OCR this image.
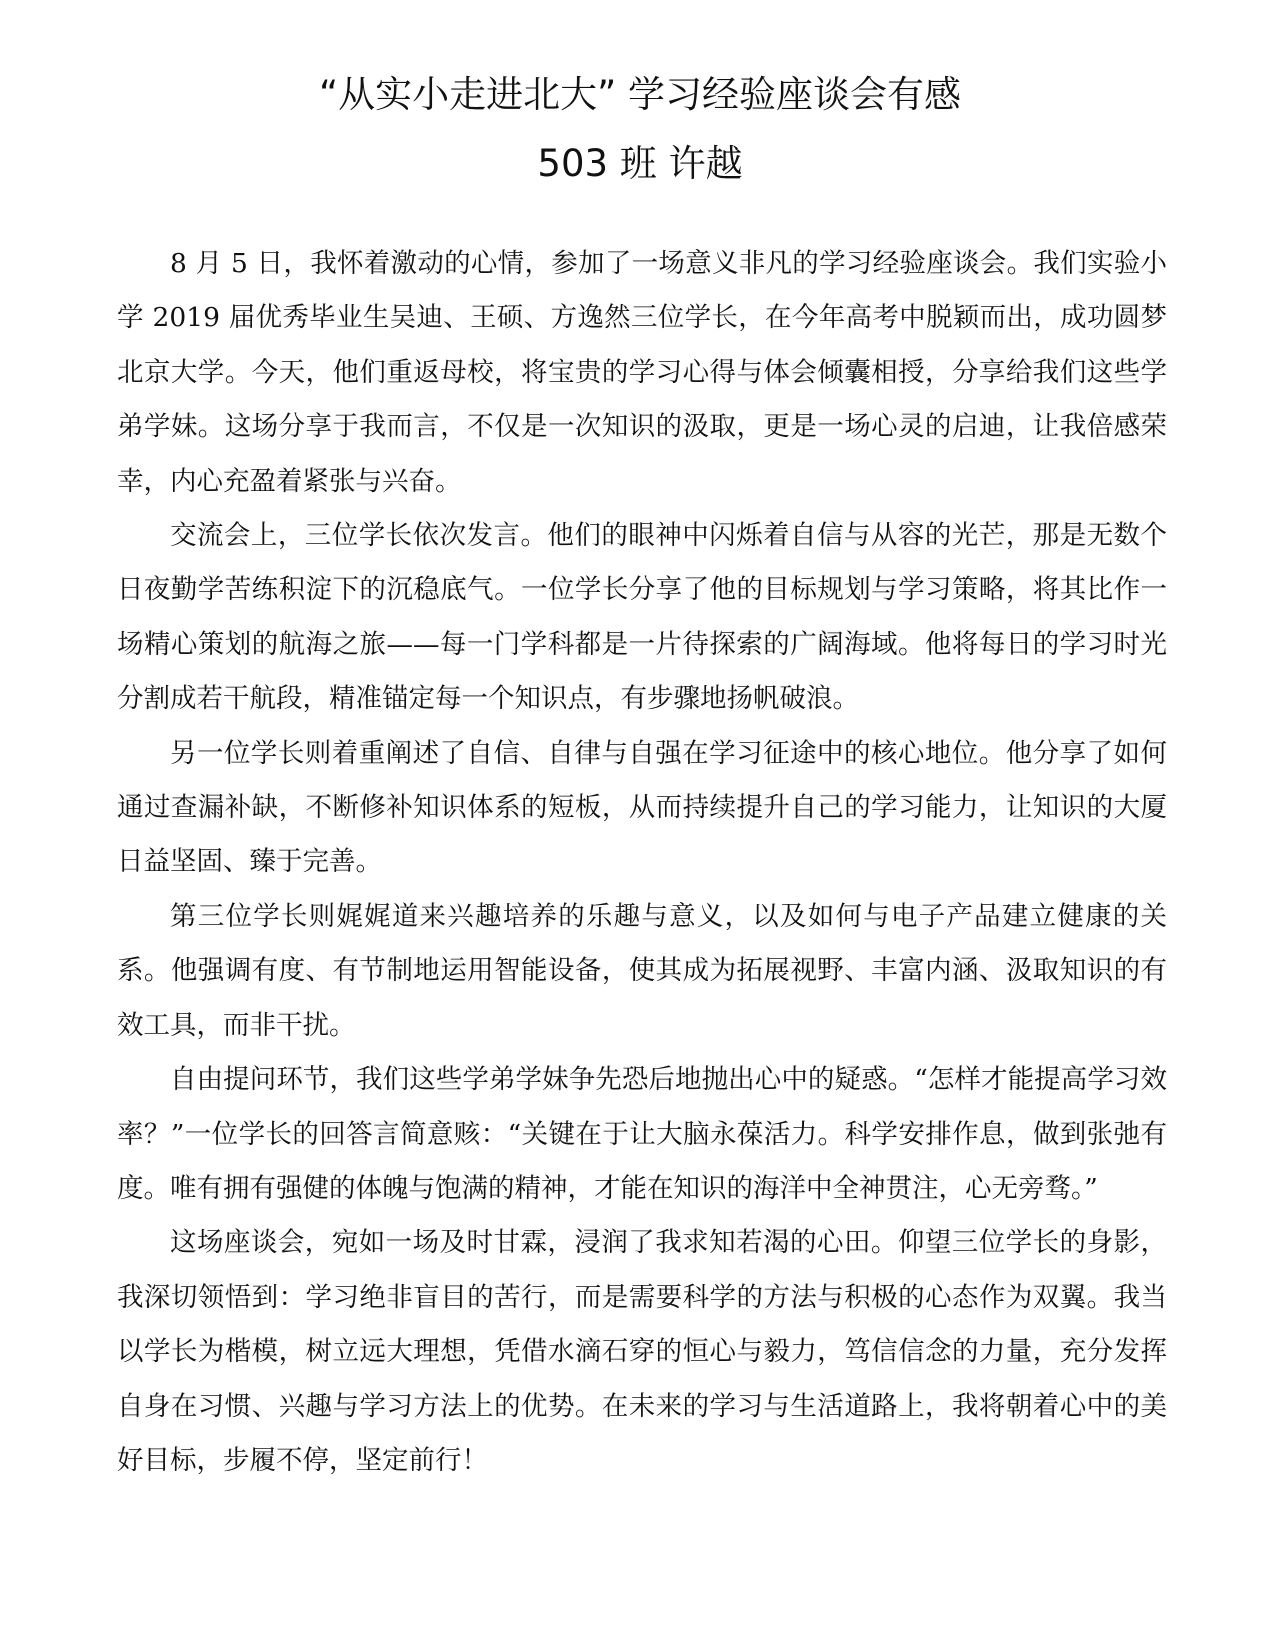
“从实小走进北大” 学习经验座谈会有感
503 班 许越

8 月 5 日，我怀着激动的心情，参加了一场意义非凡的学习经验座谈会。我们实验小学 2019 届优秀毕业生吴迪、王硕、方逸然三位学长，在今年高考中脱颖而出，成功圆梦北京大学。今天，他们重返母校，将宝贵的学习心得与体会倾囊相授，分享给我们这些学弟学妹。这场分享于我而言，不仅是一次知识的汲取，更是一场心灵的启迪，让我倍感荣幸，内心充盈着紧张与兴奋。

交流会上，三位学长依次发言。他们的眼神中闪烁着自信与从容的光芒，那是无数个日夜勤学苦练积淀下的沉稳底气。一位学长分享了他的目标规划与学习策略，将其比作一场精心策划的航海之旅——每一门学科都是一片待探索的广阔海域。他将每日的学习时光分割成若干航段，精准锚定每一个知识点，有步骤地扬帆破浪。

另一位学长则着重阐述了自信、自律与自强在学习征途中的核心地位。他分享了如何通过查漏补缺，不断修补知识体系的短板，从而持续提升自己的学习能力，让知识的大厦日益坚固、臻于完善。

第三位学长则娓娓道来兴趣培养的乐趣与意义，以及如何与电子产品建立健康的关系。他强调有度、有节制地运用智能设备，使其成为拓展视野、丰富内涵、汲取知识的有效工具，而非干扰。

自由提问环节，我们这些学弟学妹争先恐后地抛出心中的疑惑。“怎样才能提高学习效率？”一位学长的回答言简意赅：“关键在于让大脑永葆活力。科学安排作息，做到张弛有度。唯有拥有强健的体魄与饱满的精神，才能在知识的海洋中全神贯注，心无旁骛。”

这场座谈会，宛如一场及时甘霖，浸润了我求知若渴的心田。仰望三位学长的身影，我深切领悟到：学习绝非盲目的苦行，而是需要科学的方法与积极的心态作为双翼。我当以学长为楷模，树立远大理想，凭借水滴石穿的恒心与毅力，笃信信念的力量，充分发挥自身在习惯、兴趣与学习方法上的优势。在未来的学习与生活道路上，我将朝着心中的美好目标，步履不停，坚定前行！
